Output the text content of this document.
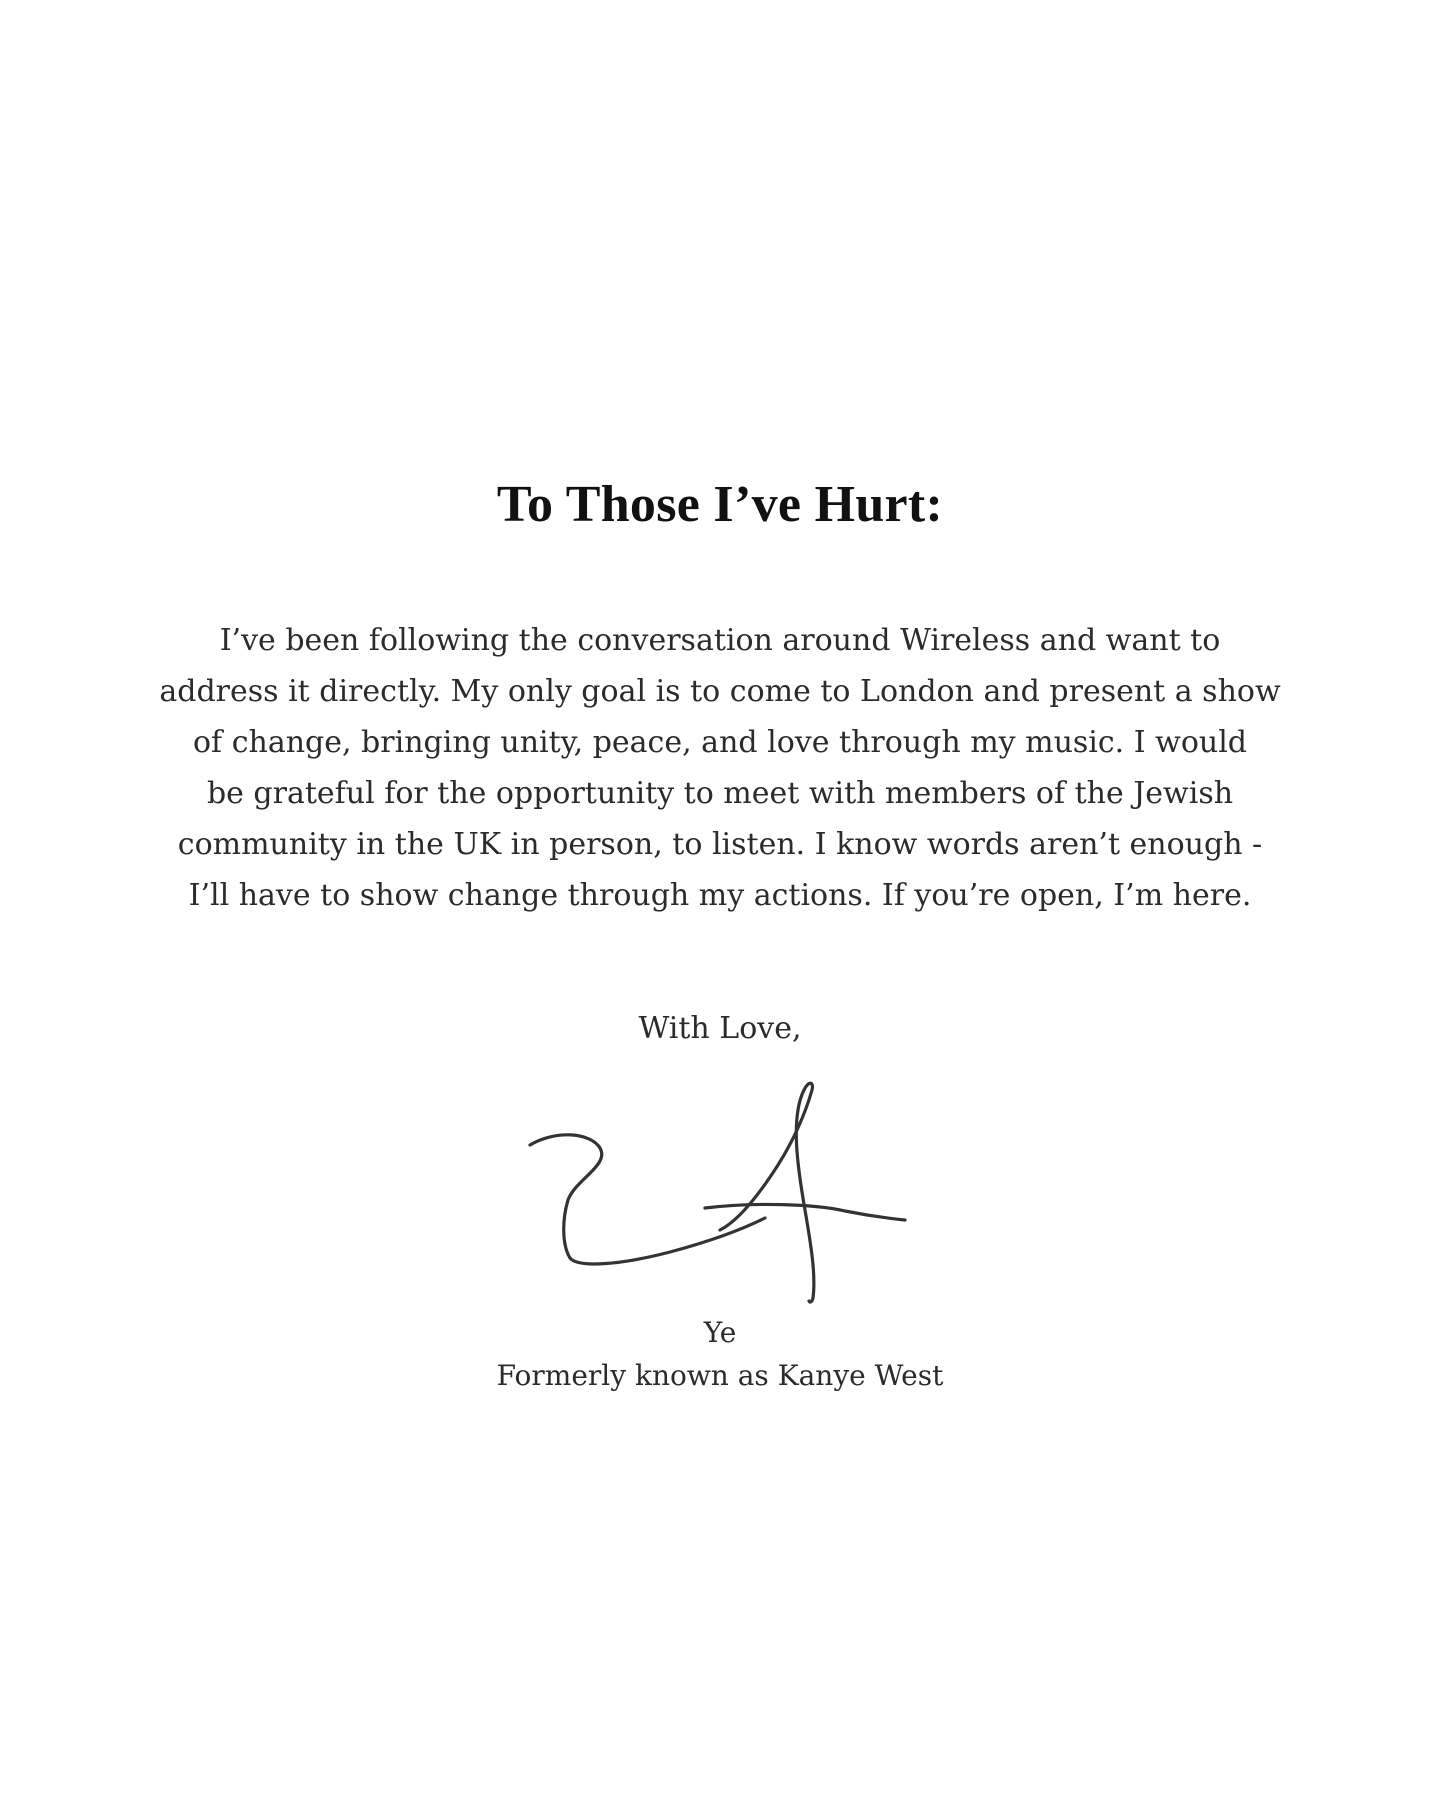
To Those I’ve Hurt:

I’ve been following the conversation around Wireless and want to
address it directly. My only goal is to come to London and present a show
of change, bringing unity, peace, and love through my music. I would
be grateful for the opportunity to meet with members of the Jewish
community in the UK in person, to listen. I know words aren’t enough -
I’ll have to show change through my actions. If you’re open, I’m here.

With Love,
Ye
Formerly known as Kanye West
